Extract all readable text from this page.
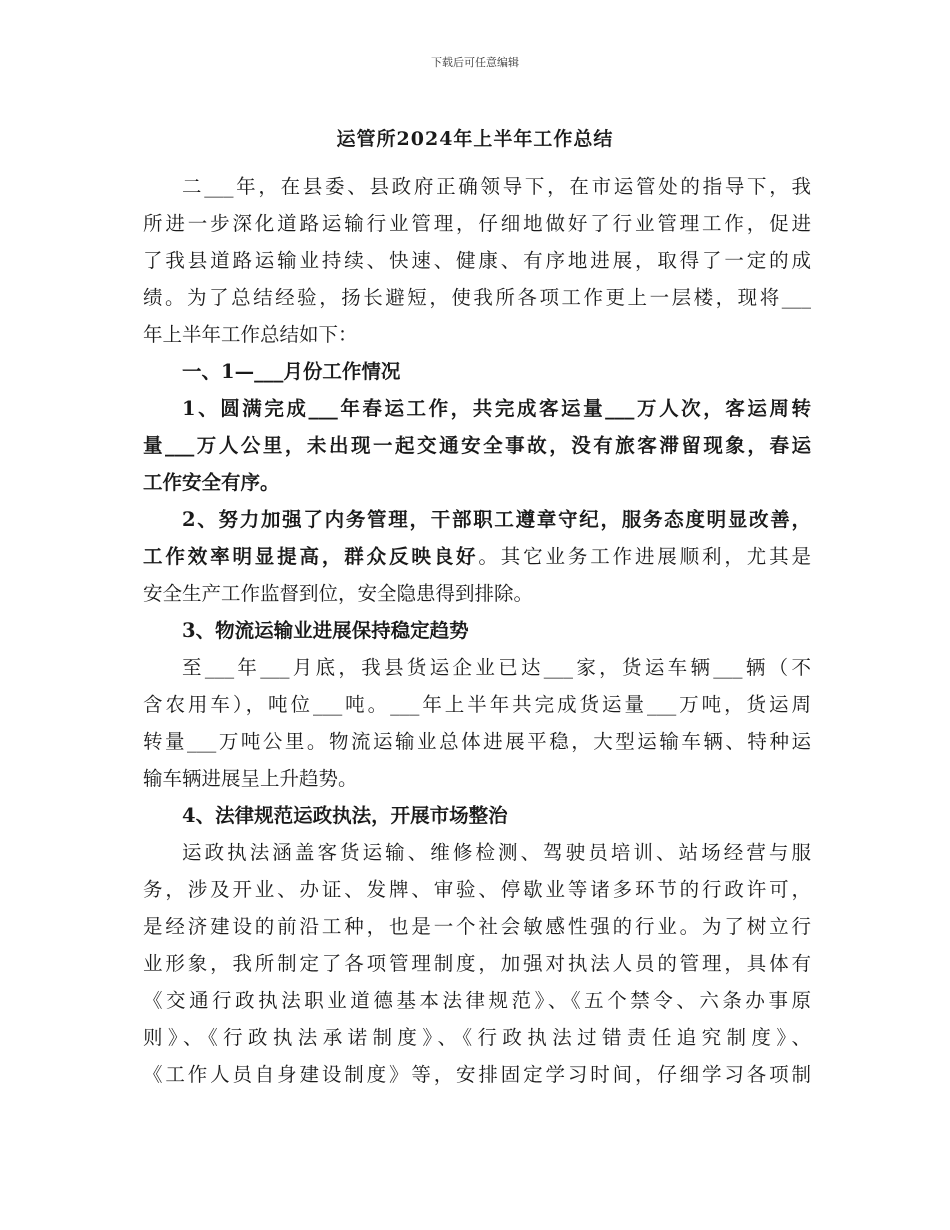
下载后可任意编辑
运管所2024年上半年工作总结
二___年，在县委、县政府正确领导下，在市运管处的指导下，我
所进一步深化道路运输行业管理，仔细地做好了行业管理工作，促进
了我县道路运输业持续、快速、健康、有序地进展，取得了一定的成
绩。为了总结经验，扬长避短，使我所各项工作更上一层楼，现将___
年上半年工作总结如下：
一、1—___月份工作情况
1、圆满完成___年春运工作，共完成客运量___万人次，客运周转
量___万人公里，未出现一起交通安全事故，没有旅客滞留现象，春运
工作安全有序。
2、努力加强了内务管理，干部职工遵章守纪，服务态度明显改善，
工作效率明显提高，群众反映良好。其它业务工作进展顺利，尤其是
安全生产工作监督到位，安全隐患得到排除。
3、物流运输业进展保持稳定趋势
至___年___月底，我县货运企业已达___家，货运车辆___辆（不
含农用车），吨位___吨。___年上半年共完成货运量___万吨，货运周
转量___万吨公里。物流运输业总体进展平稳，大型运输车辆、特种运
输车辆进展呈上升趋势。
4、法律规范运政执法，开展市场整治
运政执法涵盖客货运输、维修检测、驾驶员培训、站场经营与服
务，涉及开业、办证、发牌、审验、停歇业等诸多环节的行政许可，
是经济建设的前沿工种，也是一个社会敏感性强的行业。为了树立行
业形象，我所制定了各项管理制度，加强对执法人员的管理，具体有
《交通行政执法职业道德基本法律规范》、《五个禁令、六条办事原
则》、《行政执法承诺制度》、《行政执法过错责任追究制度》、
《工作人员自身建设制度》等，安排固定学习时间，仔细学习各项制
